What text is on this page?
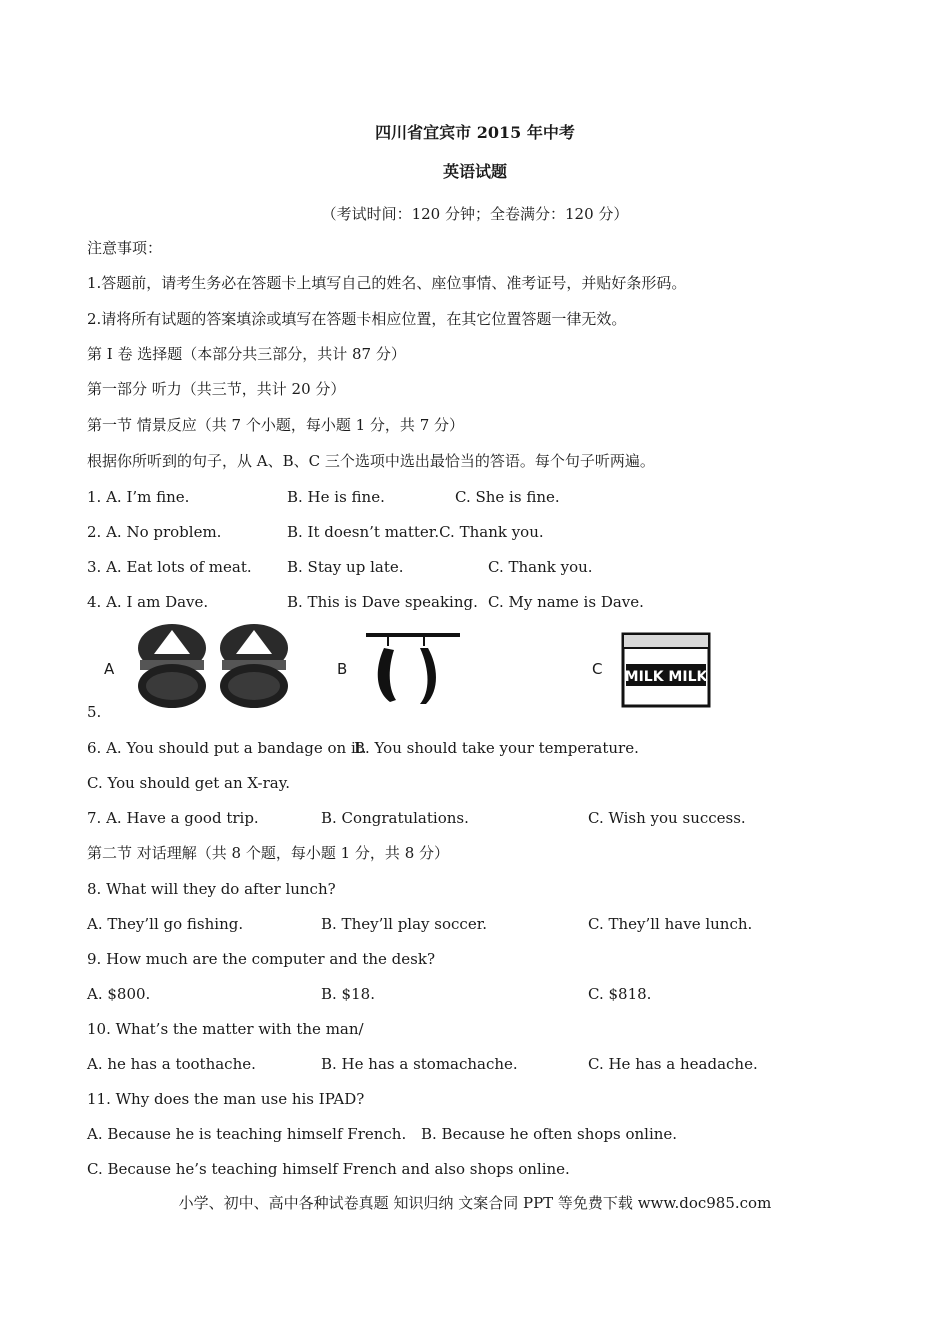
四川省宜宾市 2015 年中考
英语试题
（考试时间：120 分钟；全卷满分：120 分）
注意事项：
1.答题前，请考生务必在答题卡上填写自己的姓名、座位事情、准考证号，并贴好条形码。
2.请将所有试题的答案填涂或填写在答题卡相应位置，在其它位置答题一律无效。
第 I 卷 选择题（本部分共三部分，共计 87 分）
第一部分 听力（共三节，共计 20 分）
第一节 情景反应（共 7 个小题，每小题 1 分，共 7 分）
根据你所听到的句子，从 A、B、C 三个选项中选出最恰当的答语。每个句子听两遍。
1. A. I’m fine.	B. He is fine.	C. She is fine.
2. A. No problem.	B. It doesn’t matter.C. Thank you.
3. A. Eat lots of meat. B. Stay up late.	C. Thank you.
4. A. I am Dave.	B. This is Dave speaking. C. My name is Dave.
A	B	C MILK MILK
5.
6. A. You should put a bandage on it.
B. You should take your temperature.
C. You should get an X-ray.
7. A. Have a good trip.	B. Congratulations.	C. Wish you success.
第二节 对话理解（共 8 个题，每小题 1 分，共 8 分）
8. What will they do after lunch?
A. They’ll go fishing.	B. They’ll play soccer.	C. They’ll have lunch.
9. How much are the computer and the desk?
A. $800.	B. $18.	C. $818.
10. What’s the matter with the man/
A. he has a toothache.	B. He has a stomachache.	C. He has a headache.
11. Why does the man use his IPAD?
A. Because he is teaching himself French. B. Because he often shops online.
C. Because he’s teaching himself French and also shops online.
小学、初中、高中各种试卷真题 知识归纳 文案合同 PPT 等免费下载 www.doc985.com
